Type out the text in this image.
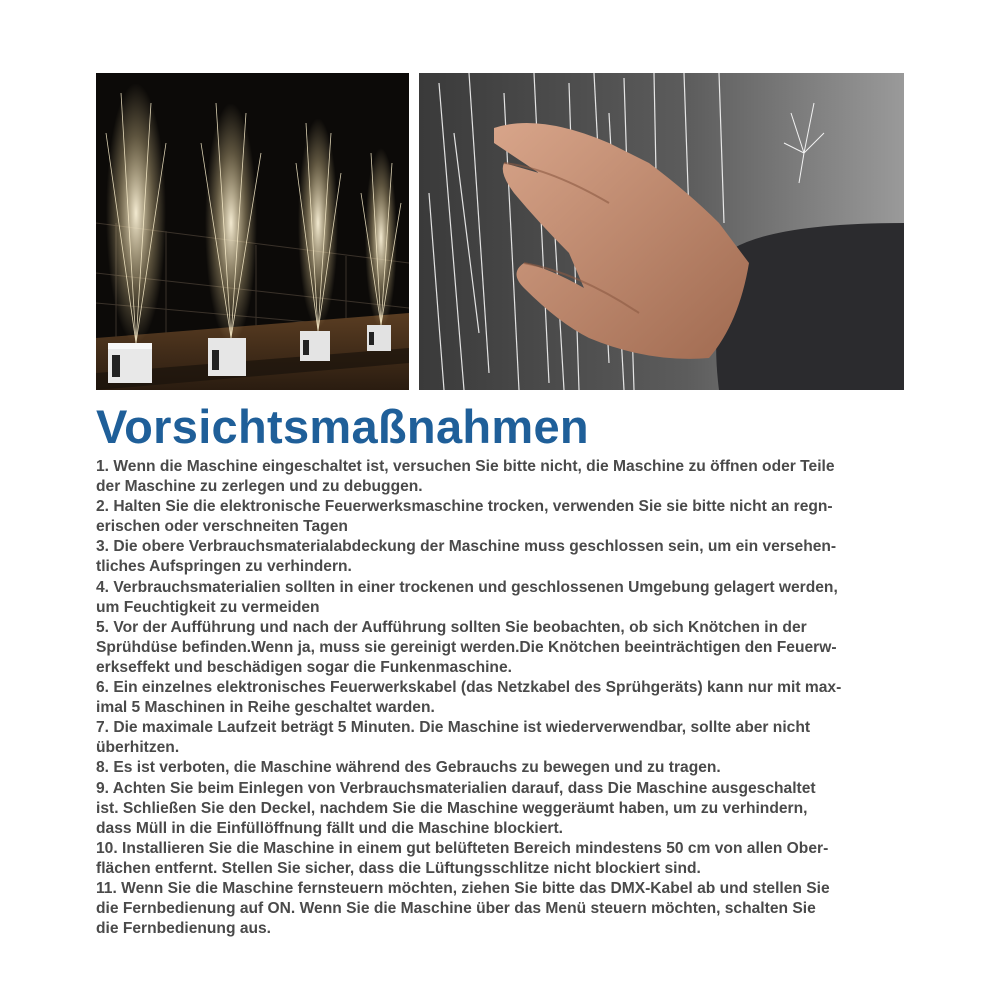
Vorsichtsmaßnahmen
1. Wenn die Maschine eingeschaltet ist, versuchen Sie bitte nicht, die Maschine zu öffnen oder Teile
der Maschine zu zerlegen und zu debuggen.
2. Halten Sie die elektronische Feuerwerksmaschine trocken, verwenden Sie sie bitte nicht an regn-
erischen oder verschneiten Tagen
3. Die obere Verbrauchsmaterialabdeckung der Maschine muss geschlossen sein, um ein versehen-
tliches Aufspringen zu verhindern.
4. Verbrauchsmaterialien sollten in einer trockenen und geschlossenen Umgebung gelagert werden,
um Feuchtigkeit zu vermeiden
5. Vor der Aufführung und nach der Aufführung sollten Sie beobachten, ob sich Knötchen in der
Sprühdüse befinden.Wenn ja, muss sie gereinigt werden.Die Knötchen beeinträchtigen den Feuerw-
erkseffekt und beschädigen sogar die Funkenmaschine.
6. Ein einzelnes elektronisches Feuerwerkskabel (das Netzkabel des Sprühgeräts) kann nur mit max-
imal 5 Maschinen in Reihe geschaltet warden.
7. Die maximale Laufzeit beträgt 5 Minuten. Die Maschine ist wiederverwendbar, sollte aber nicht
überhitzen.
8. Es ist verboten, die Maschine während des Gebrauchs zu bewegen und zu tragen.
9. Achten Sie beim Einlegen von Verbrauchsmaterialien darauf, dass Die Maschine ausgeschaltet
ist. Schließen Sie den Deckel, nachdem Sie die Maschine weggeräumt haben, um zu verhindern,
dass Müll in die Einfüllöffnung fällt und die Maschine blockiert.
10. Installieren Sie die Maschine in einem gut belüfteten Bereich mindestens 50 cm von allen Ober-
flächen entfernt. Stellen Sie sicher, dass die Lüftungsschlitze nicht blockiert sind.
11. Wenn Sie die Maschine fernsteuern möchten, ziehen Sie bitte das DMX-Kabel ab und stellen Sie
die Fernbedienung auf ON. Wenn Sie die Maschine über das Menü steuern möchten, schalten Sie
die Fernbedienung aus.
